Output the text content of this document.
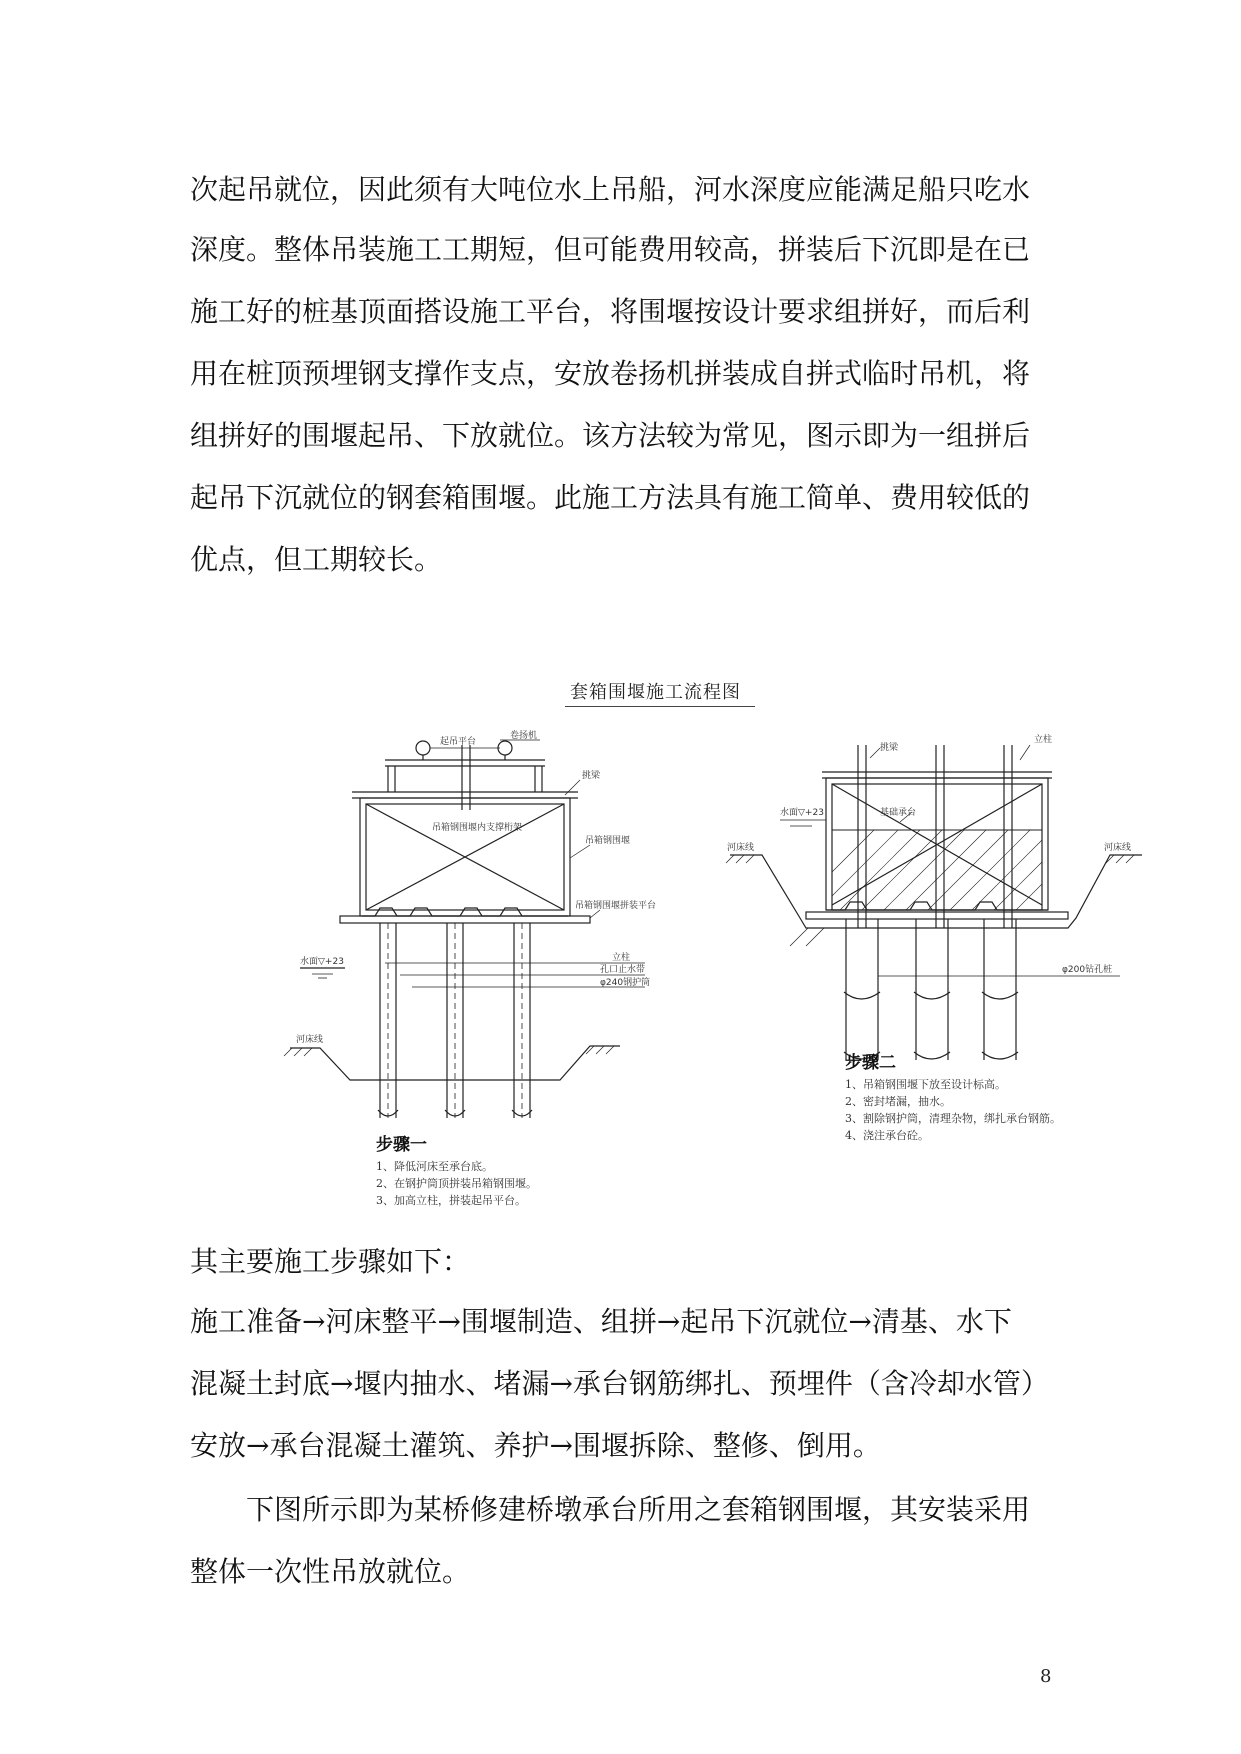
次起吊就位，因此须有大吨位水上吊船，河水深度应能满足船只吃水
深度。整体吊装施工工期短，但可能费用较高，拼装后下沉即是在已
施工好的桩基顶面搭设施工平台，将围堰按设计要求组拼好，而后利
用在桩顶预埋钢支撑作支点，安放卷扬机拼装成自拼式临时吊机，将
组拼好的围堰起吊、下放就位。该方法较为常见，图示即为一组拼后
起吊下沉就位的钢套箱围堰。此施工方法具有施工简单、费用较低的
优点，但工期较长。
套箱围堰施工流程图
起吊平台
卷扬机
挑梁
吊箱钢围堰内支撑桁架
吊箱钢围堰
吊箱钢围堰拼装平台
水面▽+23	立柱
孔口止水带
φ240钢护筒
河床线
挑梁
立柱
水面▽+23	基础承台
河床线	河床线
φ200钻孔桩
步骤一
1、降低河床至承台底。
2、在钢护筒顶拼装吊箱钢围堰。
3、加高立柱，拼装起吊平台。
步骤二
1、吊箱钢围堰下放至设计标高。
2、密封堵漏，抽水。
3、割除钢护筒，清理杂物，绑扎承台钢筋。
4、浇注承台砼。
其主要施工步骤如下：
施工准备→河床整平→围堰制造、组拼→起吊下沉就位→清基、水下
混凝土封底→堰内抽水、堵漏→承台钢筋绑扎、预埋件（含冷却水管）
安放→承台混凝土灌筑、养护→围堰拆除、整修、倒用。
下图所示即为某桥修建桥墩承台所用之套箱钢围堰，其安装采用
整体一次性吊放就位。
8
